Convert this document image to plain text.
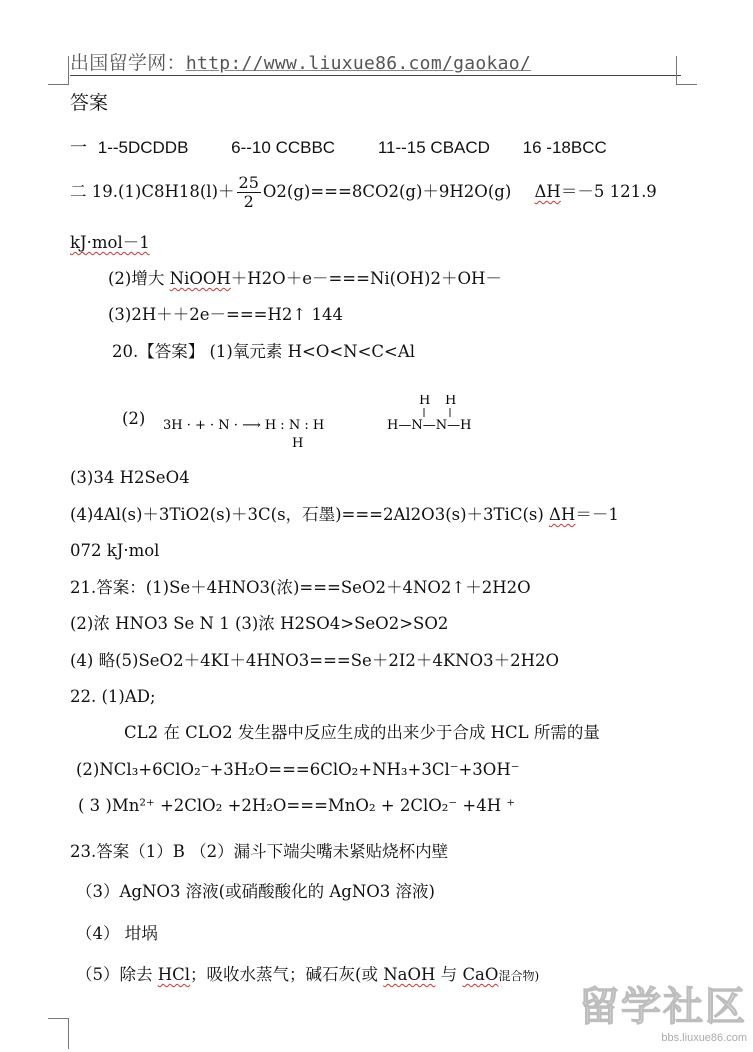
出国留学网：http://www.liuxue86.com/gaokao/
答案
一 1--5DCDDB	6--10 CCBBC	11--15 CBACD 16 -18BCC
二 $19.(1)C8H18(l)+ \frac{25}{2} O2(g)===8CO2(g)+9H2O(g)$ ΔH＝－5 121.9
kJ·mol－1
(2)增大 NiOOH＋H2O＋e－===Ni(OH)2＋OH－
(3)2H＋＋2e－===H2↑ 144
20.【答案】 (1)氧元素 H<O<N<C<Al
(2) 3H · + · N · ⟶ H : N : H
H
H H
H—N—N—H
(3)34 H2SeO4
(4)4Al(s)＋3TiO2(s)＋3C(s，石墨)===2Al2O3(s)＋3TiC(s) ΔH＝－1
072 kJ·mol
21.答案：(1)Se＋4HNO3(浓)===SeO2＋4NO2↑＋2H2O
(2)浓 HNO3 Se N 1 (3)浓 H2SO4>SeO2>SO2
(4) 略(5)SeO2＋4KI＋4HNO3===Se＋2I2＋4KNO3＋2H2O
22. (1)AD;
CL2 在 CLO2 发生器中反应生成的出来少于合成 HCL 所需的量
(2)NCl₃+6ClO₂⁻+3H₂O===6ClO₂+NH₃+3Cl⁻+3OH⁻
( 3 )Mn²⁺ +2ClO₂ +2H₂O===MnO₂ + 2ClO₂⁻ +4H ⁺
23.答案（1）B （2）漏斗下端尖嘴未紧贴烧杯内壁
（3）AgNO3 溶液(或硝酸酸化的 AgNO3 溶液)
（4） 坩埚
（5）除去 HCl；吸收水蒸气；碱石灰(或 NaOH 与 CaO混合物)
留学社区
bbs.liuxue86.com
